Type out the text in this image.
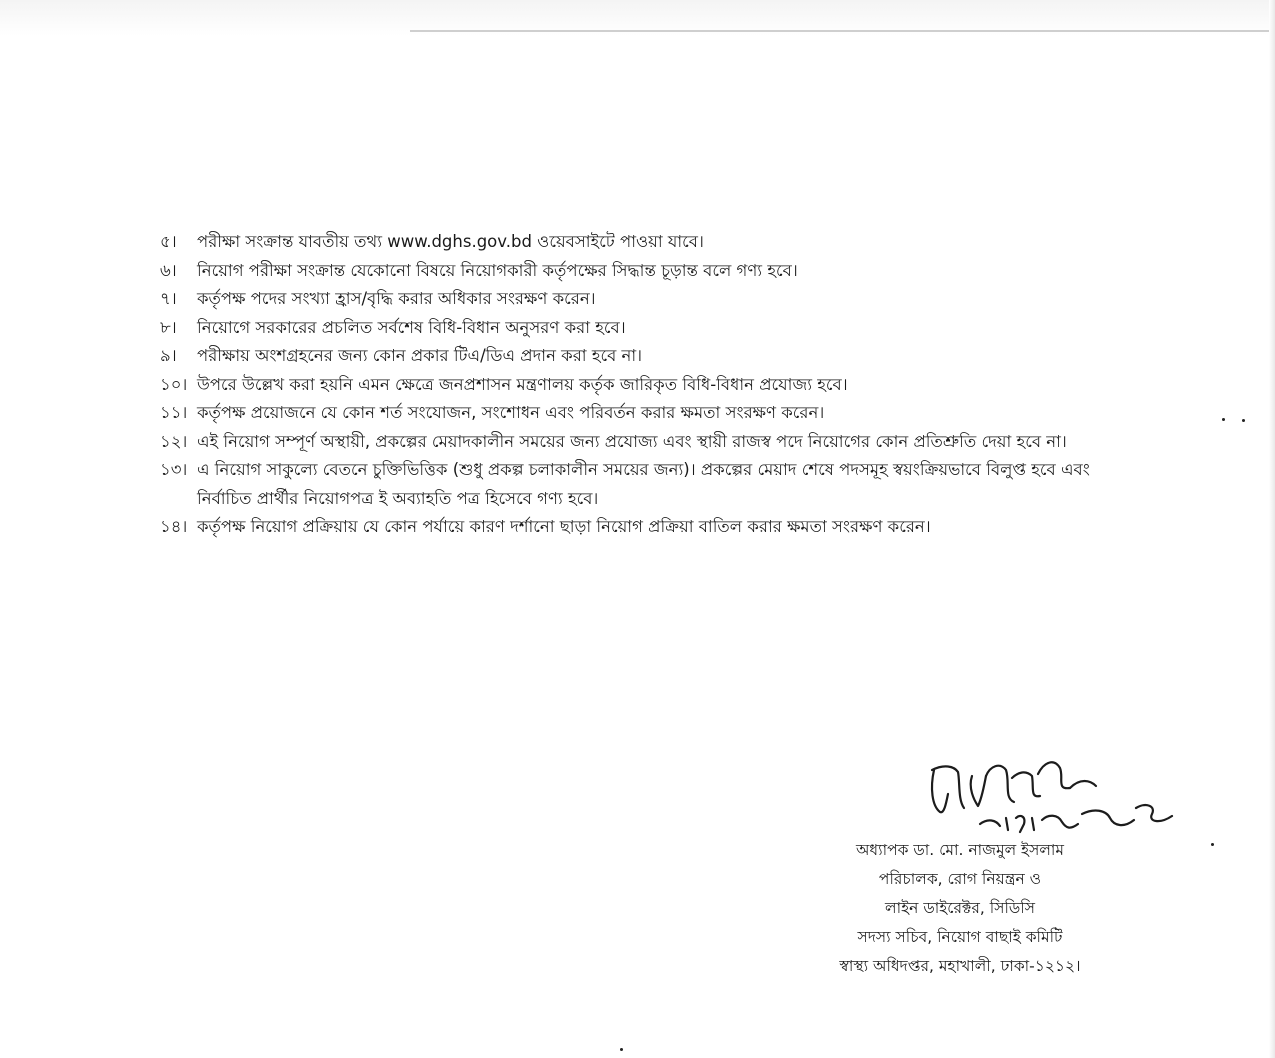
৫। পরীক্ষা সংক্রান্ত যাবতীয় তথ্য www.dghs.gov.bd ওয়েবসাইটে পাওয়া যাবে।
৬। নিয়োগ পরীক্ষা সংক্রান্ত যেকোনো বিষয়ে নিয়োগকারী কর্তৃপক্ষের সিদ্ধান্ত চূড়ান্ত বলে গণ্য হবে।
৭। কর্তৃপক্ষ পদের সংখ্যা হ্রাস/বৃদ্ধি করার অধিকার সংরক্ষণ করেন।
৮। নিয়োগে সরকারের প্রচলিত সর্বশেষ বিধি-বিধান অনুসরণ করা হবে।
৯। পরীক্ষায় অংশগ্রহনের জন্য কোন প্রকার টিএ/ডিএ প্রদান করা হবে না।
১০। উপরে উল্লেখ করা হয়নি এমন ক্ষেত্রে জনপ্রশাসন মন্ত্রণালয় কর্তৃক জারিকৃত বিধি-বিধান প্রযোজ্য হবে।
১১। কর্তৃপক্ষ প্রয়োজনে যে কোন শর্ত সংযোজন, সংশোধন এবং পরিবর্তন করার ক্ষমতা সংরক্ষণ করেন।
১২। এই নিয়োগ সম্পূর্ণ অস্থায়ী, প্রকল্পের মেয়াদকালীন সময়ের জন্য প্রযোজ্য এবং স্থায়ী রাজস্ব পদে নিয়োগের কোন প্রতিশ্রুতি দেয়া হবে না।
১৩। এ নিয়োগ সাকুল্যে বেতনে চুক্তিভিত্তিক (শুধু প্রকল্প চলাকালীন সময়ের জন্য)। প্রকল্পের মেয়াদ শেষে পদসমূহ স্বয়ংক্রিয়ভাবে বিলুপ্ত হবে এবং নির্বাচিত প্রার্থীর নিয়োগপত্র ই অব্যাহতি পত্র হিসেবে গণ্য হবে।
১৪। কর্তৃপক্ষ নিয়োগ প্রক্রিয়ায় যে কোন পর্যায়ে কারণ দর্শানো ছাড়া নিয়োগ প্রক্রিয়া বাতিল করার ক্ষমতা সংরক্ষণ করেন।
অধ্যাপক ডা. মো. নাজমুল ইসলাম
পরিচালক, রোগ নিয়ন্ত্রন ও
লাইন ডাইরেক্টর, সিডিসি
সদস্য সচিব, নিয়োগ বাছাই কমিটি
স্বাস্থ্য অধিদপ্তর, মহাখালী, ঢাকা-১২১২।
